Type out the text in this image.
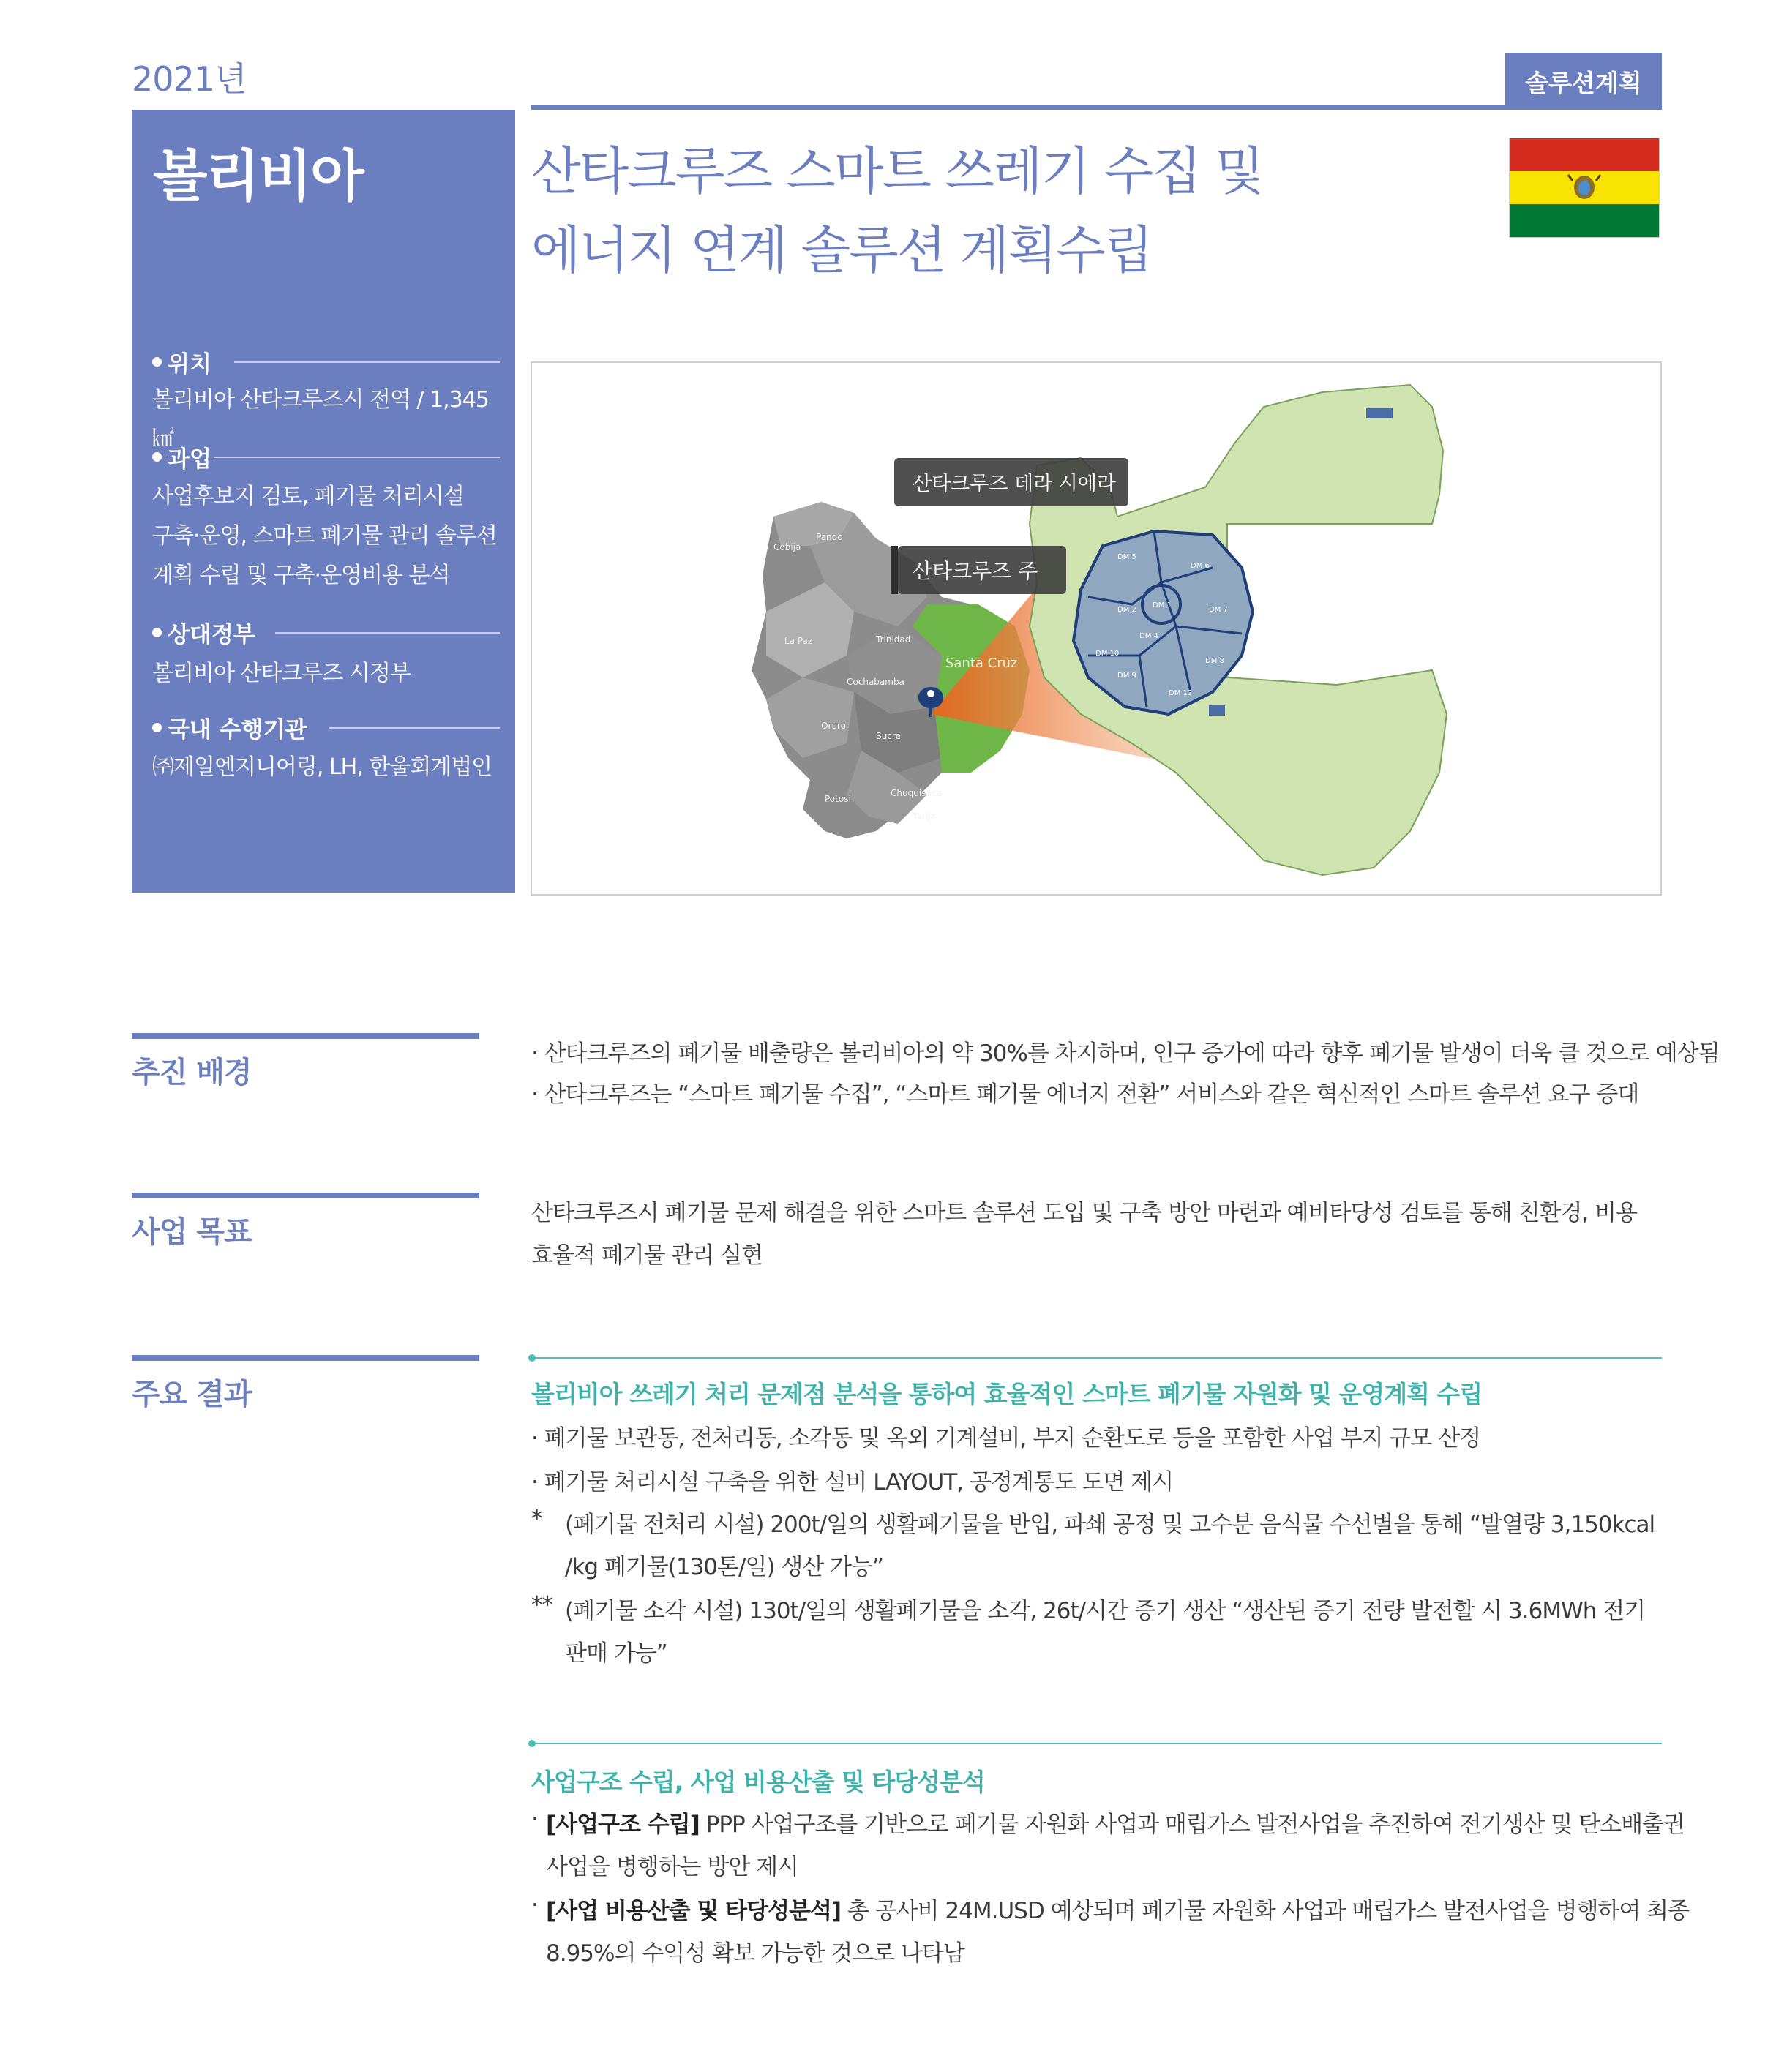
2021년	솔루션계획
볼리비아
위치
볼리비아 산타크루즈시 전역 / 1,345㎢
과업
사업후보지 검토, 폐기물 처리시설
구축·운영, 스마트 폐기물 관리 솔루션
계획 수립 및 구축·운영비용 분석
상대정부
볼리비아 산타크루즈 시정부
국내 수행기관
㈜제일엔지니어링, LH, 한울회계법인
산타크루즈 스마트 쓰레기 수집 및
에너지 연계 솔루션 계획수립
산타크루즈 주
산타크루즈 데라 시에라
Santa Cruz
Pando
Cobija
Trinidad
La Paz
Cochabamba
Oruro
Sucre
Potosi
Chuquisaca
Tarija
DM 5
DM 6
DM 1
DM 2	DM 7
DM 4
DM 8
DM 10
DM 9
DM 12
추진 배경
· 산타크루즈의 폐기물 배출량은 볼리비아의 약 30%를 차지하며, 인구 증가에 따라 향후 폐기물 발생이 더욱 클 것으로 예상됨
· 산타크루즈는 “스마트 폐기물 수집”, “스마트 폐기물 에너지 전환” 서비스와 같은 혁신적인 스마트 솔루션 요구 증대
사업 목표
산타크루즈시 폐기물 문제 해결을 위한 스마트 솔루션 도입 및 구축 방안 마련과 예비타당성 검토를 통해 친환경, 비용
효율적 폐기물 관리 실현
주요 결과	볼리비아 쓰레기 처리 문제점 분석을 통하여 효율적인 스마트 폐기물 자원화 및 운영계획 수립
· 폐기물 보관동, 전처리동, 소각동 및 옥외 기계설비, 부지 순환도로 등을 포함한 사업 부지 규모 산정
· 폐기물 처리시설 구축을 위한 설비 LAYOUT, 공정계통도 도면 제시
*	(폐기물 전처리 시설) 200t/일의 생활폐기물을 반입, 파쇄 공정 및 고수분 음식물 수선별을 통해 “발열량 3,150kcal
/kg 폐기물(130톤/일) 생산 가능”
** (폐기물 소각 시설) 130t/일의 생활폐기물을 소각, 26t/시간 증기 생산 “생산된 증기 전량 발전할 시 3.6MWh 전기
판매 가능”
사업구조 수립, 사업 비용산출 및 타당성분석
· [사업구조 수립] PPP 사업구조를 기반으로 폐기물 자원화 사업과 매립가스 발전사업을 추진하여 전기생산 및 탄소배출권
사업을 병행하는 방안 제시
· [사업 비용산출 및 타당성분석] 총 공사비 24M.USD 예상되며 폐기물 자원화 사업과 매립가스 발전사업을 병행하여 최종
8.95%의 수익성 확보 가능한 것으로 나타남
